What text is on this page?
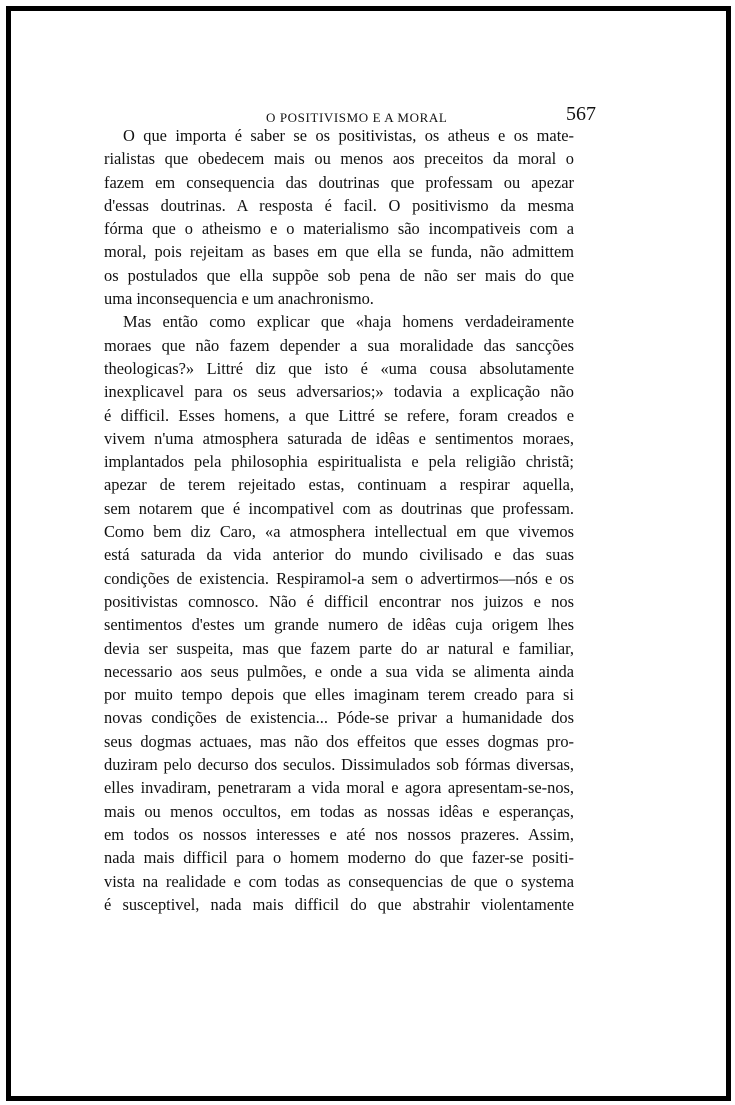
O POSITIVISMO E A MORAL	567
O que importa é saber se os positivistas, os atheus e os mate-
rialistas que obedecem mais ou menos aos preceitos da moral o
fazem em consequencia das doutrinas que professam ou apezar
d'essas doutrinas. A resposta é facil. O positivismo da mesma
fórma que o atheismo e o materialismo são incompativeis com a
moral, pois rejeitam as bases em que ella se funda, não admittem
os postulados que ella suppõe sob pena de não ser mais do que
uma inconsequencia e um anachronismo.
Mas então como explicar que «haja homens verdadeiramente
moraes que não fazem depender a sua moralidade das sancções
theologicas?» Littré diz que isto é «uma cousa absolutamente
inexplicavel para os seus adversarios;» todavia a explicação não
é difficil. Esses homens, a que Littré se refere, foram creados e
vivem n'uma atmosphera saturada de idêas e sentimentos moraes,
implantados pela philosophia espiritualista e pela religião christã;
apezar de terem rejeitado estas, continuam a respirar aquella,
sem notarem que é incompativel com as doutrinas que professam.
Como bem diz Caro, «a atmosphera intellectual em que vivemos
está saturada da vida anterior do mundo civilisado e das suas
condições de existencia. Respiramol-a sem o advertirmos—nós e os
positivistas comnosco. Não é difficil encontrar nos juizos e nos
sentimentos d'estes um grande numero de idêas cuja origem lhes
devia ser suspeita, mas que fazem parte do ar natural e familiar,
necessario aos seus pulmões, e onde a sua vida se alimenta ainda
por muito tempo depois que elles imaginam terem creado para si
novas condições de existencia... Póde-se privar a humanidade dos
seus dogmas actuaes, mas não dos effeitos que esses dogmas pro-
duziram pelo decurso dos seculos. Dissimulados sob fórmas diversas,
elles invadiram, penetraram a vida moral e agora apresentam-se-nos,
mais ou menos occultos, em todas as nossas idêas e esperanças,
em todos os nossos interesses e até nos nossos prazeres. Assim,
nada mais difficil para o homem moderno do que fazer-se positi-
vista na realidade e com todas as consequencias de que o systema
é susceptivel, nada mais difficil do que abstrahir violentamente
